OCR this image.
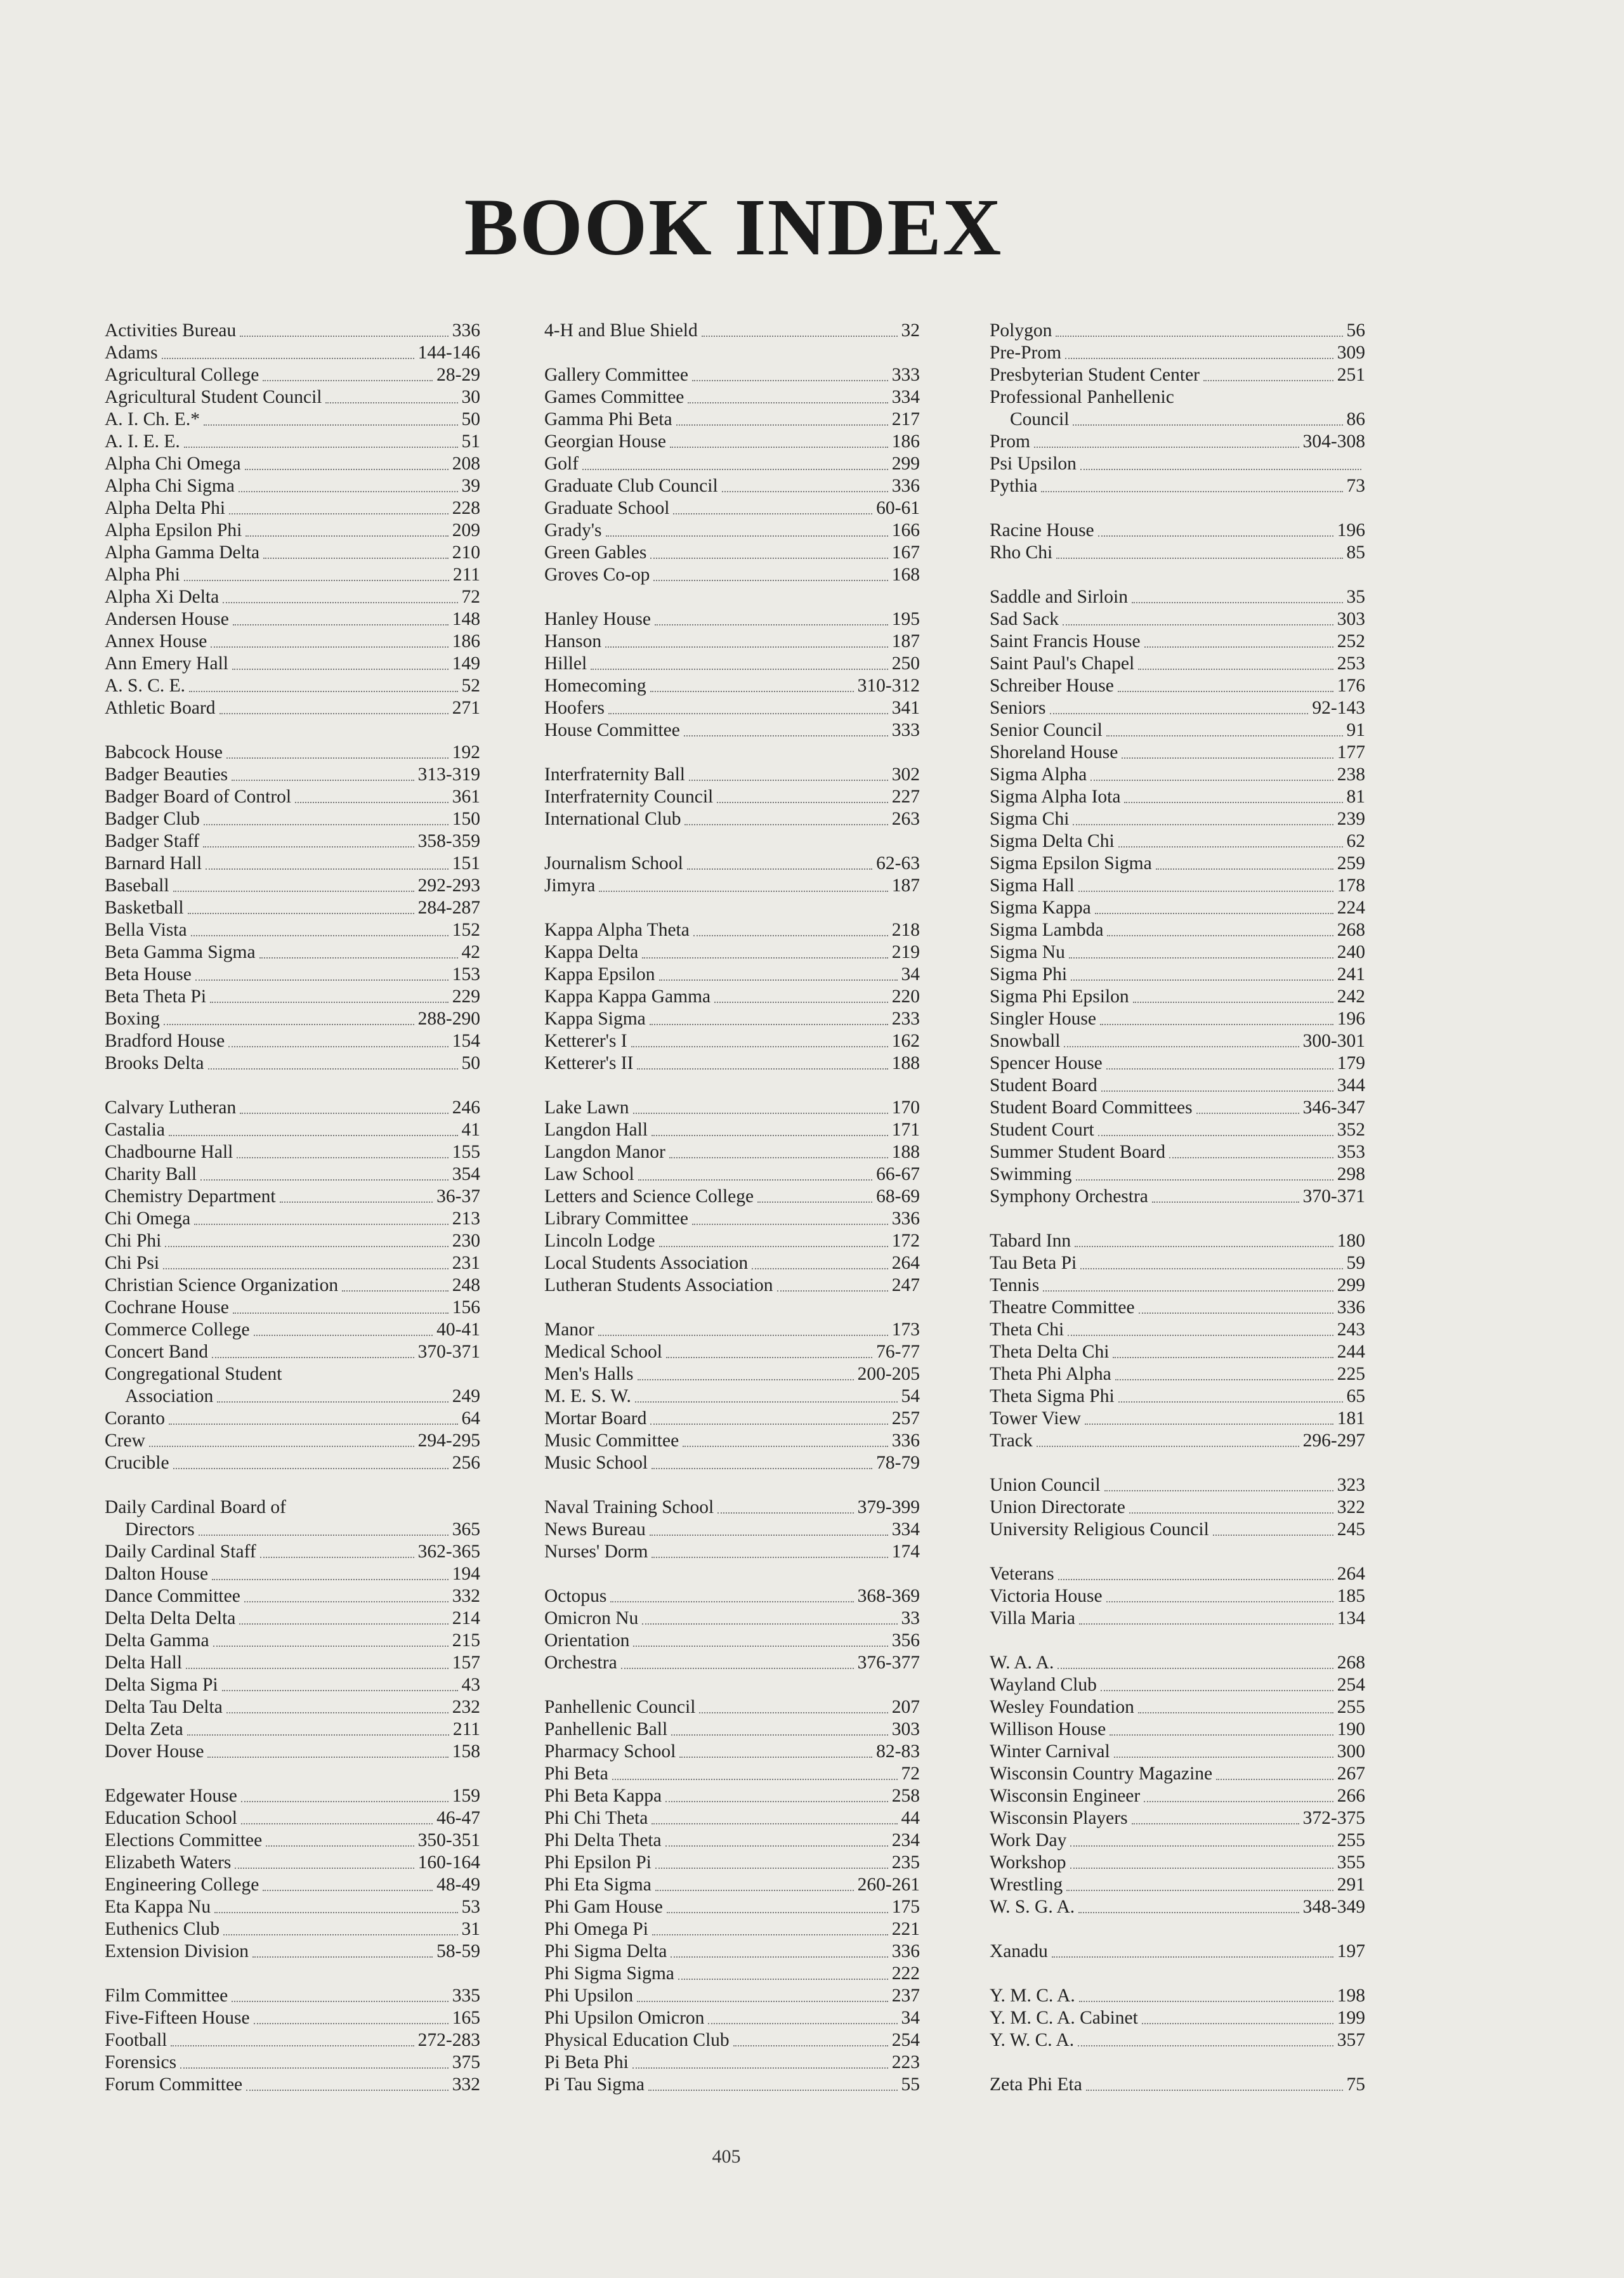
BOOK INDEX
Activities Bureau	336
Adams	144-146
Agricultural College	28-29
Agricultural Student Council	30
A. I. Ch. E.*	50
A. I. E. E.	51
Alpha Chi Omega	208
Alpha Chi Sigma	39
Alpha Delta Phi	228
Alpha Epsilon Phi	209
Alpha Gamma Delta	210
Alpha Phi	211
Alpha Xi Delta	72
Andersen House	148
Annex House	186
Ann Emery Hall	149
A. S. C. E.	52
Athletic Board	271
Babcock House	192
Badger Beauties	313-319
Badger Board of Control	361
Badger Club	150
Badger Staff	358-359
Barnard Hall	151
Baseball	292-293
Basketball	284-287
Bella Vista	152
Beta Gamma Sigma	42
Beta House	153
Beta Theta Pi	229
Boxing	288-290
Bradford House	154
Brooks Delta	50
Calvary Lutheran	246
Castalia	41
Chadbourne Hall	155
Charity Ball	354
Chemistry Department	36-37
Chi Omega	213
Chi Phi	230
Chi Psi	231
Christian Science Organization	248
Cochrane House	156
Commerce College	40-41
Concert Band	370-371
Congregational Student
Association	249
Coranto	64
Crew	294-295
Crucible	256
Daily Cardinal Board of
Directors	365
Daily Cardinal Staff	362-365
Dalton House	194
Dance Committee	332
Delta Delta Delta	214
Delta Gamma	215
Delta Hall	157
Delta Sigma Pi	43
Delta Tau Delta	232
Delta Zeta	211
Dover House	158
Edgewater House	159
Education School	46-47
Elections Committee	350-351
Elizabeth Waters	160-164
Engineering College	48-49
Eta Kappa Nu	53
Euthenics Club	31
Extension Division	58-59
Film Committee	335
Five-Fifteen House	165
Football	272-283
Forensics	375
Forum Committee	332
4-H and Blue Shield	32
Gallery Committee	333
Games Committee	334
Gamma Phi Beta	217
Georgian House	186
Golf	299
Graduate Club Council	336
Graduate School	60-61
Grady's	166
Green Gables	167
Groves Co-op	168
Hanley House	195
Hanson	187
Hillel	250
Homecoming	310-312
Hoofers	341
House Committee	333
Interfraternity Ball	302
Interfraternity Council	227
International Club	263
Journalism School	62-63
Jimyra	187
Kappa Alpha Theta	218
Kappa Delta	219
Kappa Epsilon	34
Kappa Kappa Gamma	220
Kappa Sigma	233
Ketterer's I	162
Ketterer's II	188
Lake Lawn	170
Langdon Hall	171
Langdon Manor	188
Law School	66-67
Letters and Science College	68-69
Library Committee	336
Lincoln Lodge	172
Local Students Association	264
Lutheran Students Association	247
Manor	173
Medical School	76-77
Men's Halls	200-205
M. E. S. W.	54
Mortar Board	257
Music Committee	336
Music School	78-79
Naval Training School	379-399
News Bureau	334
Nurses' Dorm	174
Octopus	368-369
Omicron Nu	33
Orientation	356
Orchestra	376-377
Panhellenic Council	207
Panhellenic Ball	303
Pharmacy School	82-83
Phi Beta	72
Phi Beta Kappa	258
Phi Chi Theta	44
Phi Delta Theta	234
Phi Epsilon Pi	235
Phi Eta Sigma	260-261
Phi Gam House	175
Phi Omega Pi	221
Phi Sigma Delta	336
Phi Sigma Sigma	222
Phi Upsilon	237
Phi Upsilon Omicron	34
Physical Education Club	254
Pi Beta Phi	223
Pi Tau Sigma	55
Polygon	56
Pre-Prom	309
Presbyterian Student Center	251
Professional Panhellenic
Council	86
Prom	304-308
Psi Upsilon
Pythia	73
Racine House	196
Rho Chi	85
Saddle and Sirloin	35
Sad Sack	303
Saint Francis House	252
Saint Paul's Chapel	253
Schreiber House	176
Seniors	92-143
Senior Council	91
Shoreland House	177
Sigma Alpha	238
Sigma Alpha Iota	81
Sigma Chi	239
Sigma Delta Chi	62
Sigma Epsilon Sigma	259
Sigma Hall	178
Sigma Kappa	224
Sigma Lambda	268
Sigma Nu	240
Sigma Phi	241
Sigma Phi Epsilon	242
Singler House	196
Snowball	300-301
Spencer House	179
Student Board	344
Student Board Committees	346-347
Student Court	352
Summer Student Board	353
Swimming	298
Symphony Orchestra	370-371
Tabard Inn	180
Tau Beta Pi	59
Tennis	299
Theatre Committee	336
Theta Chi	243
Theta Delta Chi	244
Theta Phi Alpha	225
Theta Sigma Phi	65
Tower View	181
Track	296-297
Union Council	323
Union Directorate	322
University Religious Council	245
Veterans	264
Victoria House	185
Villa Maria	134
W. A. A.	268
Wayland Club	254
Wesley Foundation	255
Willison House	190
Winter Carnival	300
Wisconsin Country Magazine	267
Wisconsin Engineer	266
Wisconsin Players	372-375
Work Day	255
Workshop	355
Wrestling	291
W. S. G. A.	348-349
Xanadu	197
Y. M. C. A.	198
Y. M. C. A. Cabinet	199
Y. W. C. A.	357
Zeta Phi Eta	75
405
